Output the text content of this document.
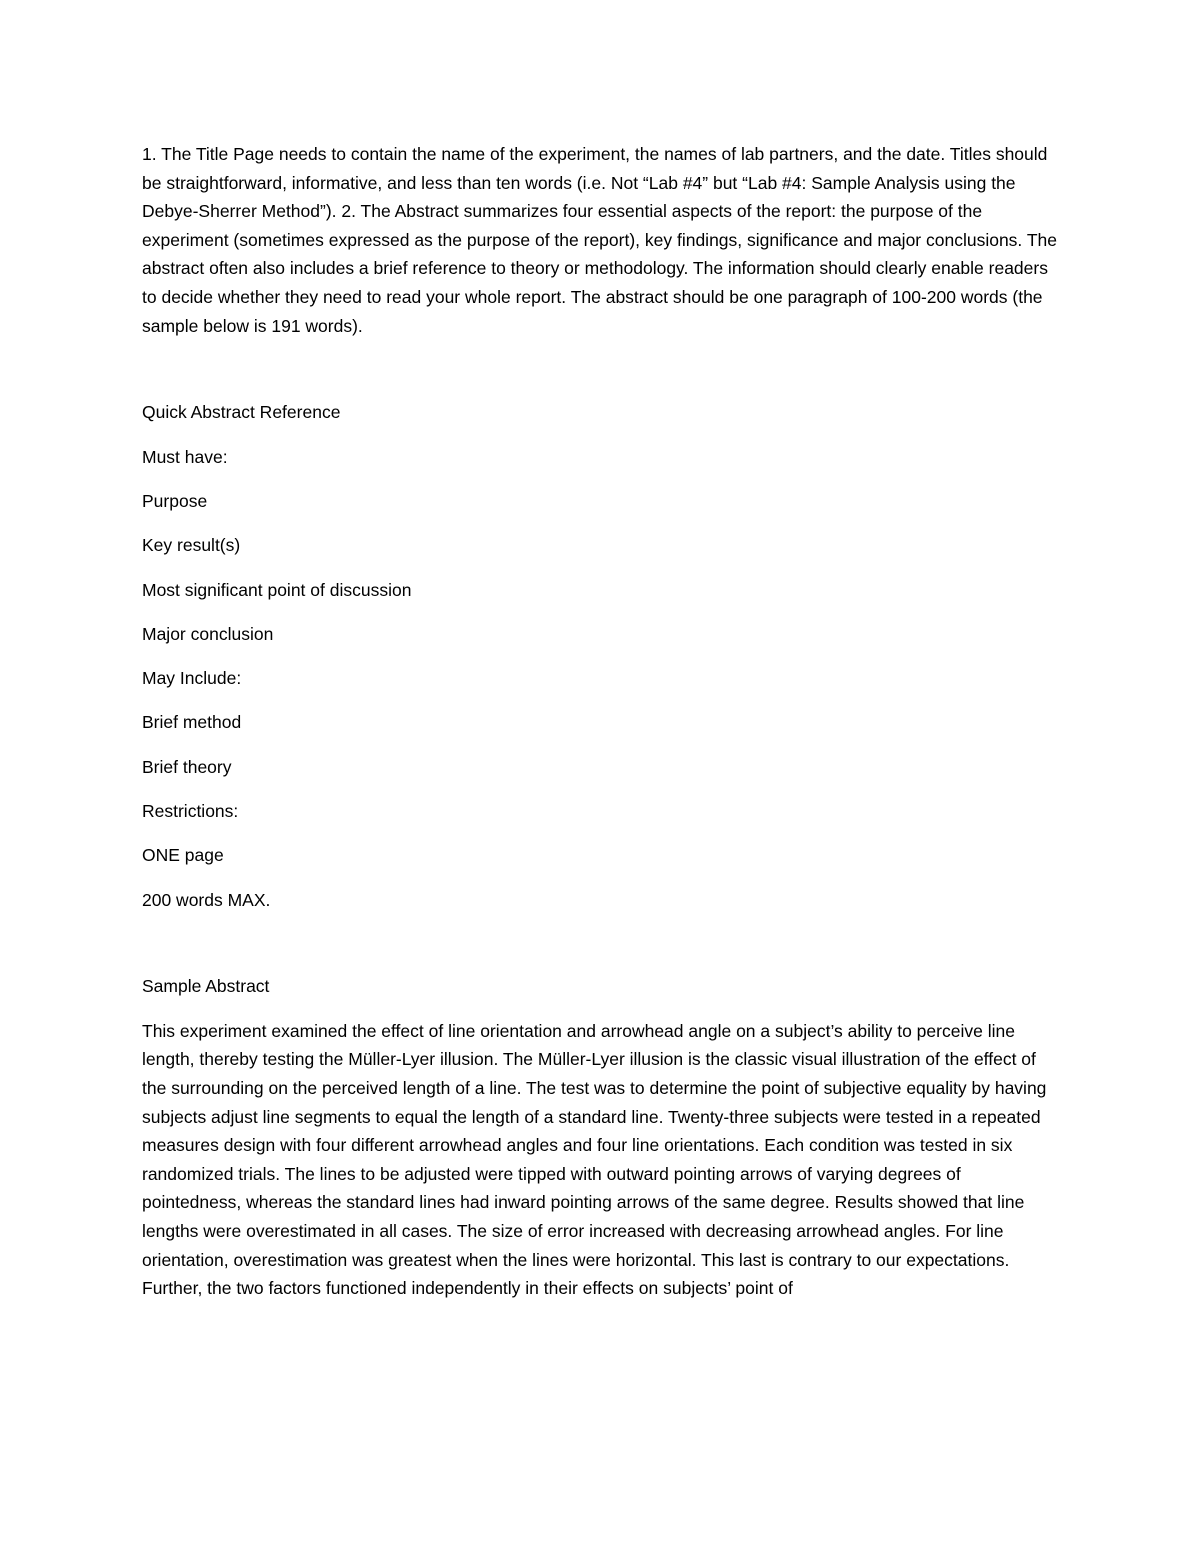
1. The Title Page needs to contain the name of the experiment, the names of lab partners, and the date. Titles should be straightforward, informative, and less than ten words (i.e. Not “Lab #4” but “Lab #4: Sample Analysis using the Debye-Sherrer Method”). 2. The Abstract summarizes four essential aspects of the report: the purpose of the experiment (sometimes expressed as the purpose of the report), key findings, significance and major conclusions. The abstract often also includes a brief reference to theory or methodology. The information should clearly enable readers to decide whether they need to read your whole report. The abstract should be one paragraph of 100-200 words (the sample below is 191 words).

Quick Abstract Reference

Must have:

Purpose

Key result(s)

Most significant point of discussion

Major conclusion

May Include:

Brief method

Brief theory

Restrictions:

ONE page

200 words MAX.

Sample Abstract

This experiment examined the effect of line orientation and arrowhead angle on a subject’s ability to perceive line length, thereby testing the Müller-Lyer illusion. The Müller-Lyer illusion is the classic visual illustration of the effect of the surrounding on the perceived length of a line. The test was to determine the point of subjective equality by having subjects adjust line segments to equal the length of a standard line. Twenty-three subjects were tested in a repeated measures design with four different arrowhead angles and four line orientations. Each condition was tested in six randomized trials. The lines to be adjusted were tipped with outward pointing arrows of varying degrees of pointedness, whereas the standard lines had inward pointing arrows of the same degree. Results showed that line lengths were overestimated in all cases. The size of error increased with decreasing arrowhead angles. For line orientation, overestimation was greatest when the lines were horizontal. This last is contrary to our expectations. Further, the two factors functioned independently in their effects on subjects’ point of
